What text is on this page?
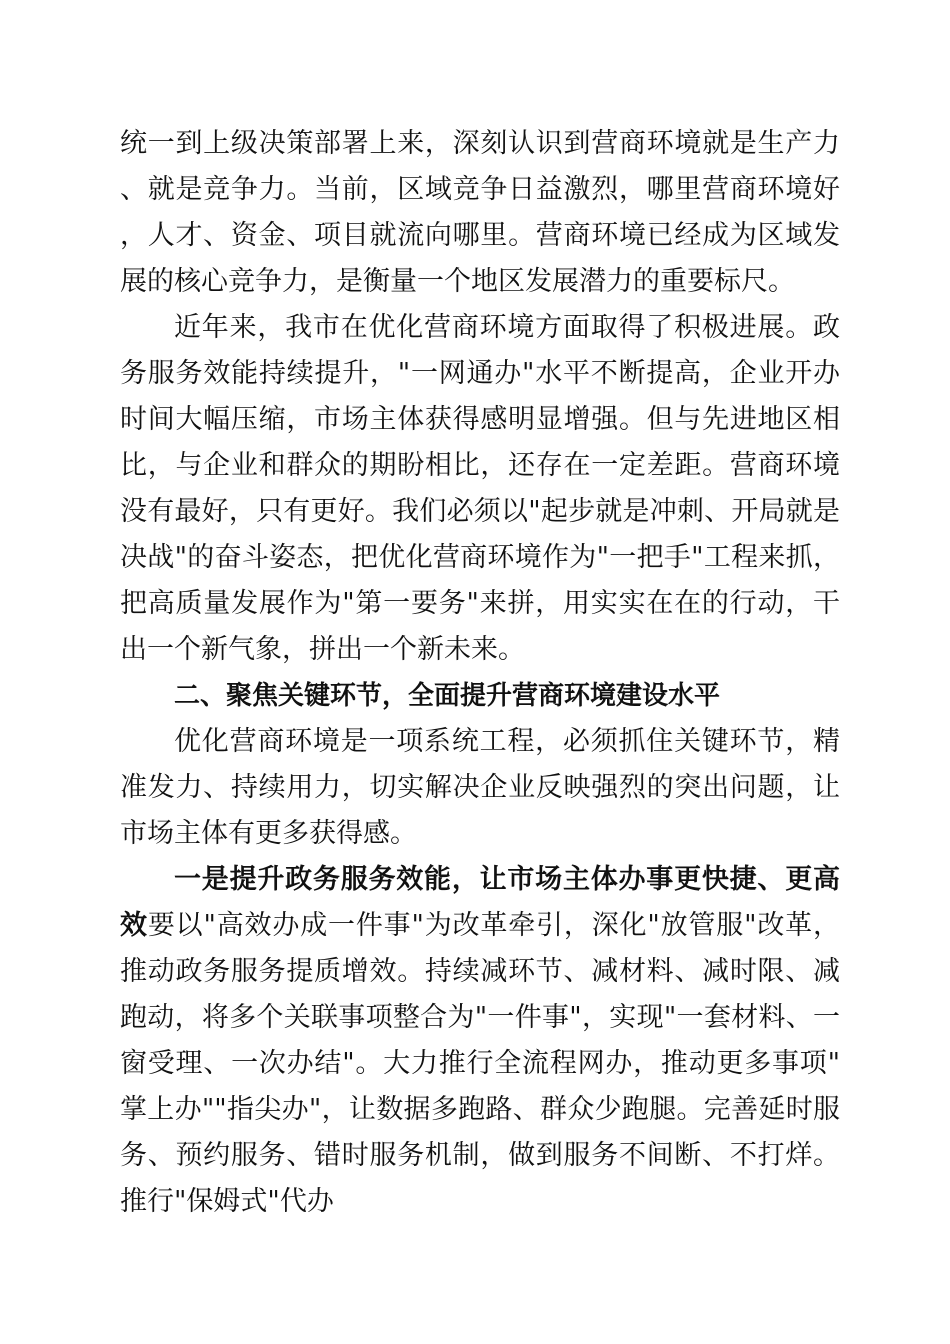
统一到上级决策部署上来，深刻认识到营商环境就是生产力、就是竞争力。当前，区域竞争日益激烈，哪里营商环境好，人才、资金、项目就流向哪里。营商环境已经成为区域发展的核心竞争力，是衡量一个地区发展潜力的重要标尺。

近年来，我市在优化营商环境方面取得了积极进展。政务服务效能持续提升，"一网通办"水平不断提高，企业开办时间大幅压缩，市场主体获得感明显增强。但与先进地区相比，与企业和群众的期盼相比，还存在一定差距。营商环境没有最好，只有更好。我们必须以"起步就是冲刺、开局就是决战"的奋斗姿态，把优化营商环境作为"一把手"工程来抓，把高质量发展作为"第一要务"来拼，用实实在在的行动，干出一个新气象，拼出一个新未来。

二、聚焦关键环节，全面提升营商环境建设水平

优化营商环境是一项系统工程，必须抓住关键环节，精准发力、持续用力，切实解决企业反映强烈的突出问题，让市场主体有更多获得感。

一是提升政务服务效能，让市场主体办事更快捷、更高效要以"高效办成一件事"为改革牵引，深化"放管服"改革，推动政务服务提质增效。持续减环节、减材料、减时限、减跑动，将多个关联事项整合为"一件事"，实现"一套材料、一窗受理、一次办结"。大力推行全流程网办，推动更多事项"掌上办""指尖办"，让数据多跑路、群众少跑腿。完善延时服务、预约服务、错时服务机制，做到服务不间断、不打烊。推行"保姆式"代办
